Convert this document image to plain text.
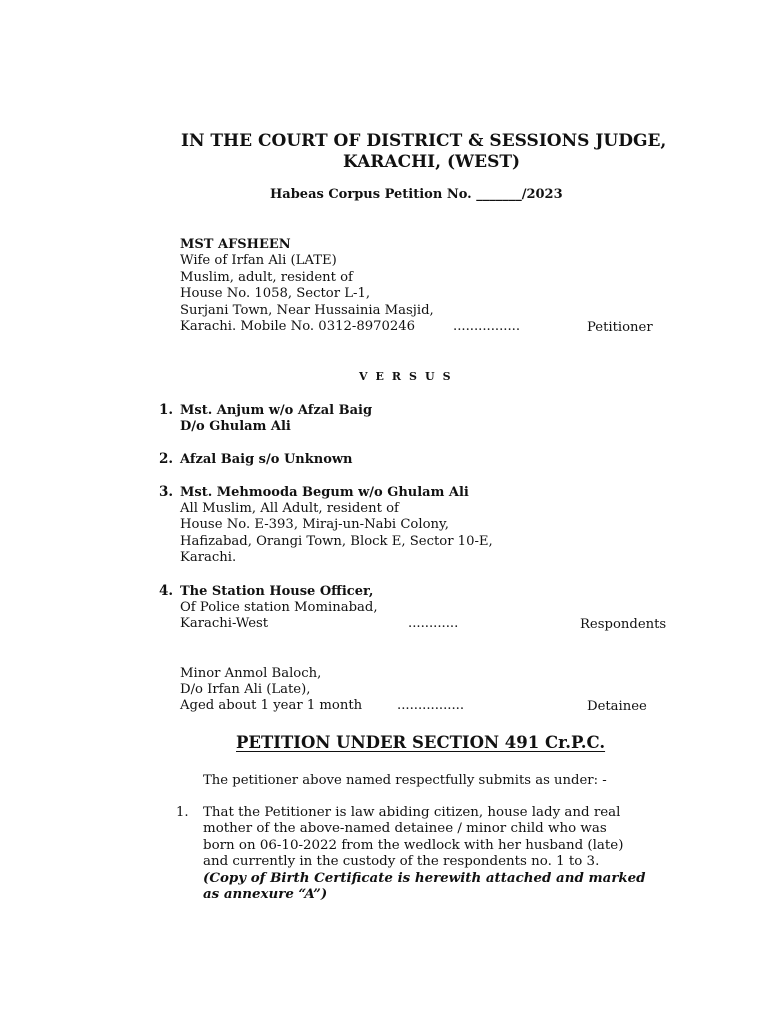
IN THE COURT OF DISTRICT & SESSIONS JUDGE,
KARACHI, (WEST)
Habeas Corpus Petition No. _______/2023
MST AFSHEEN
Wife of Irfan Ali (LATE)
Muslim, adult, resident of
House No. 1058, Sector L-1,
Surjani Town, Near Hussainia Masjid,
Karachi. Mobile No. 0312-8970246	................	Petitioner
VERSUS
1. Mst. Anjum w/o Afzal Baig
D/o Ghulam Ali
2. Afzal Baig s/o Unknown
3. Mst. Mehmooda Begum w/o Ghulam Ali
All Muslim, All Adult, resident of
House No. E-393, Miraj-un-Nabi Colony,
Hafizabad, Orangi Town, Block E, Sector 10-E,
Karachi.
4. The Station House Officer,
Of Police station Mominabad,
Karachi-West	............	Respondents
Minor Anmol Baloch,
D/o Irfan Ali (Late),
Aged about 1 year 1 month	................	Detainee
PETITION UNDER SECTION 491 Cr.P.C.
The petitioner above named respectfully submits as under: -
1. That the Petitioner is law abiding citizen, house lady and real
mother of the above-named detainee / minor child who was
born on 06-10-2022 from the wedlock with her husband (late)
and currently in the custody of the respondents no. 1 to 3.
(Copy of Birth Certificate is herewith attached and marked
as annexure “A”)
